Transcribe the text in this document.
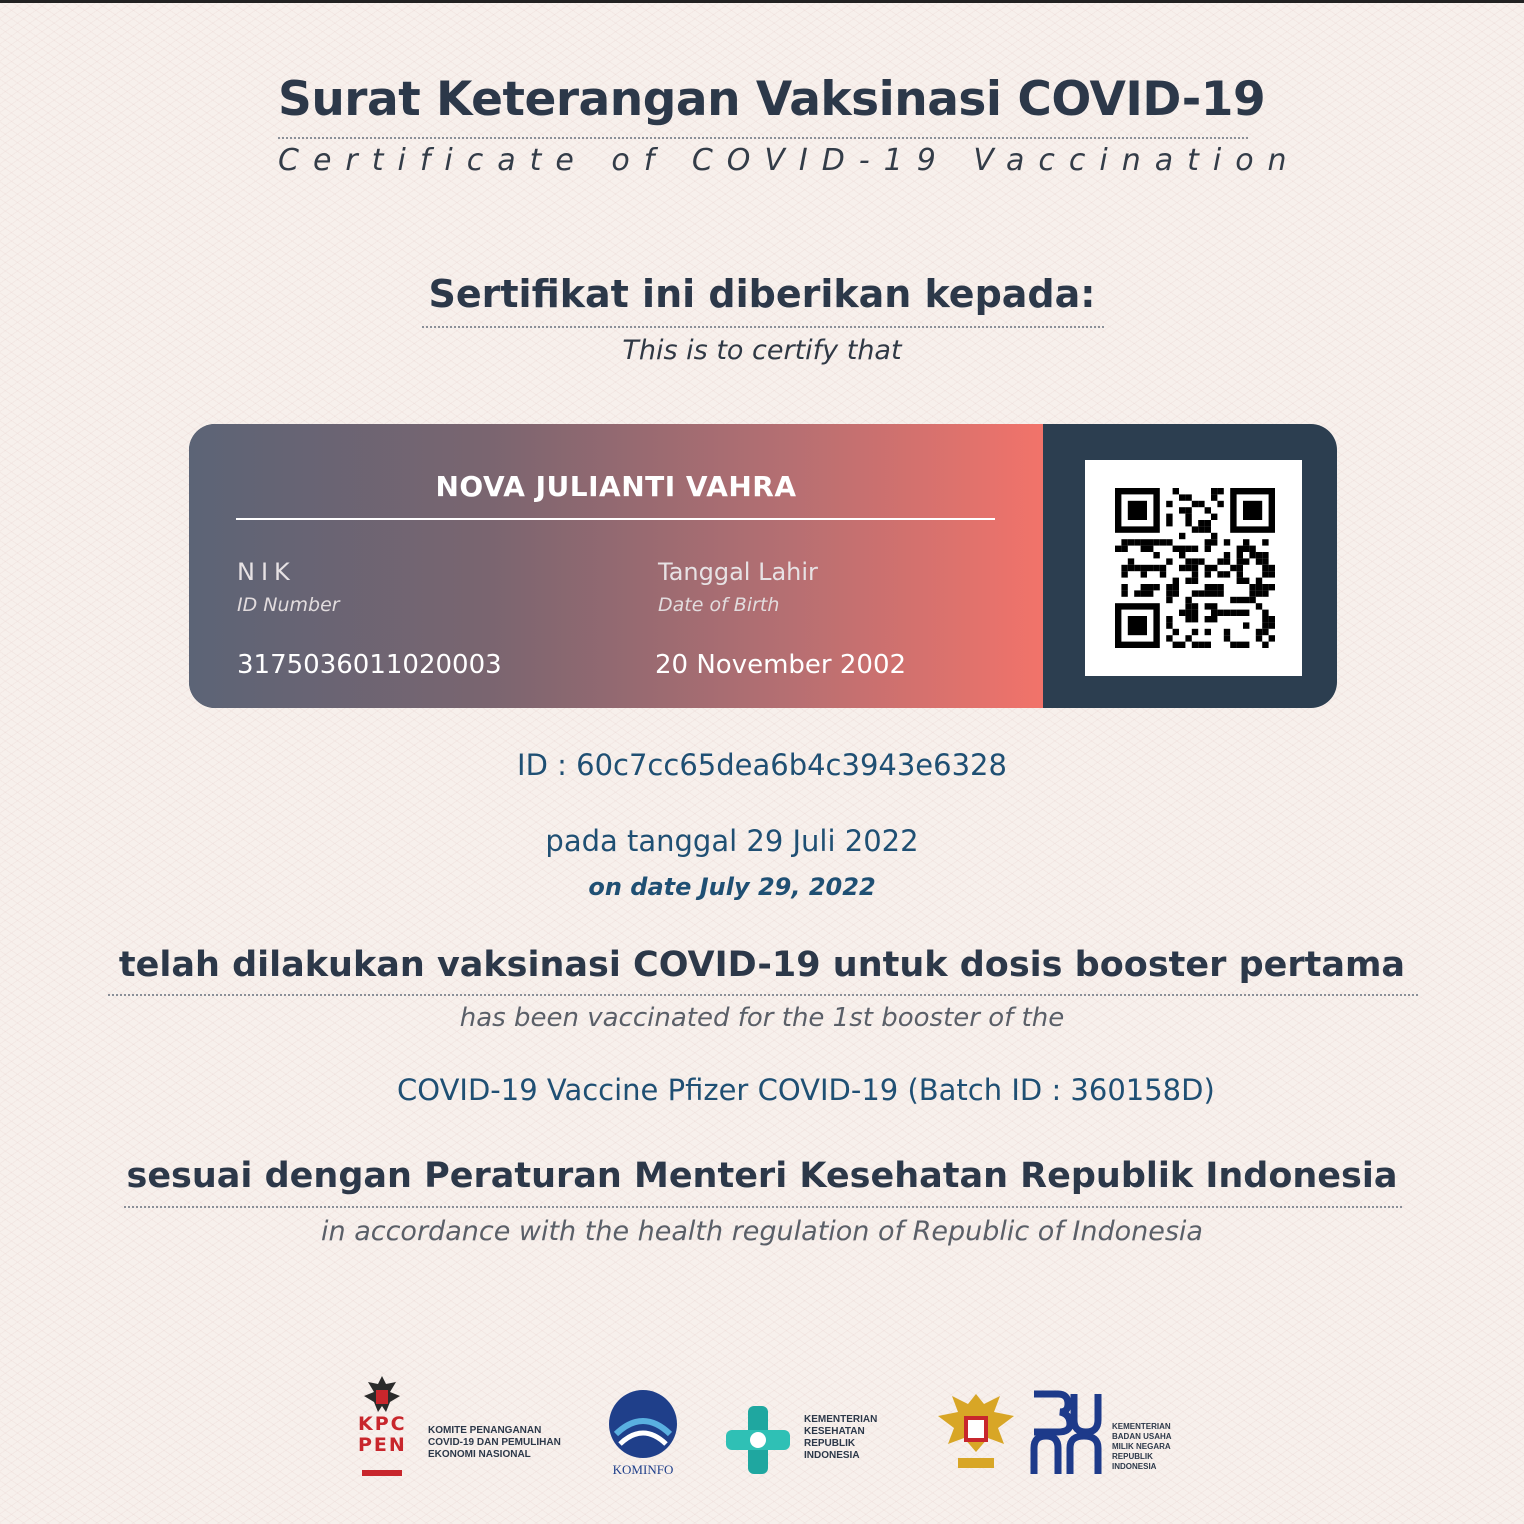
Surat Keterangan Vaksinasi COVID-19
Certificate of COVID-19 Vaccination
Sertifikat ini diberikan kepada:
This is to certify that
NOVA JULIANTI VAHRA
NIK
ID Number
3175036011020003
Tanggal Lahir
Date of Birth
20 November 2002
ID : 60c7cc65dea6b4c3943e6328
pada tanggal 29 Juli 2022
on date July 29, 2022
telah dilakukan vaksinasi COVID-19 untuk dosis booster pertama
has been vaccinated for the 1st booster of the
COVID-19 Vaccine Pfizer COVID-19 (Batch ID : 360158D)
sesuai dengan Peraturan Menteri Kesehatan Republik Indonesia
in accordance with the health regulation of Republic of Indonesia
KPC
PEN
KOMITE PENANGANAN
COVID-19 DAN PEMULIHAN
EKONOMI NASIONAL
KOMINFO
KEMENTERIAN
KESEHATAN
REPUBLIK
INDONESIA
KEMENTERIAN
BADAN USAHA
MILIK NEGARA
REPUBLIK
INDONESIA
